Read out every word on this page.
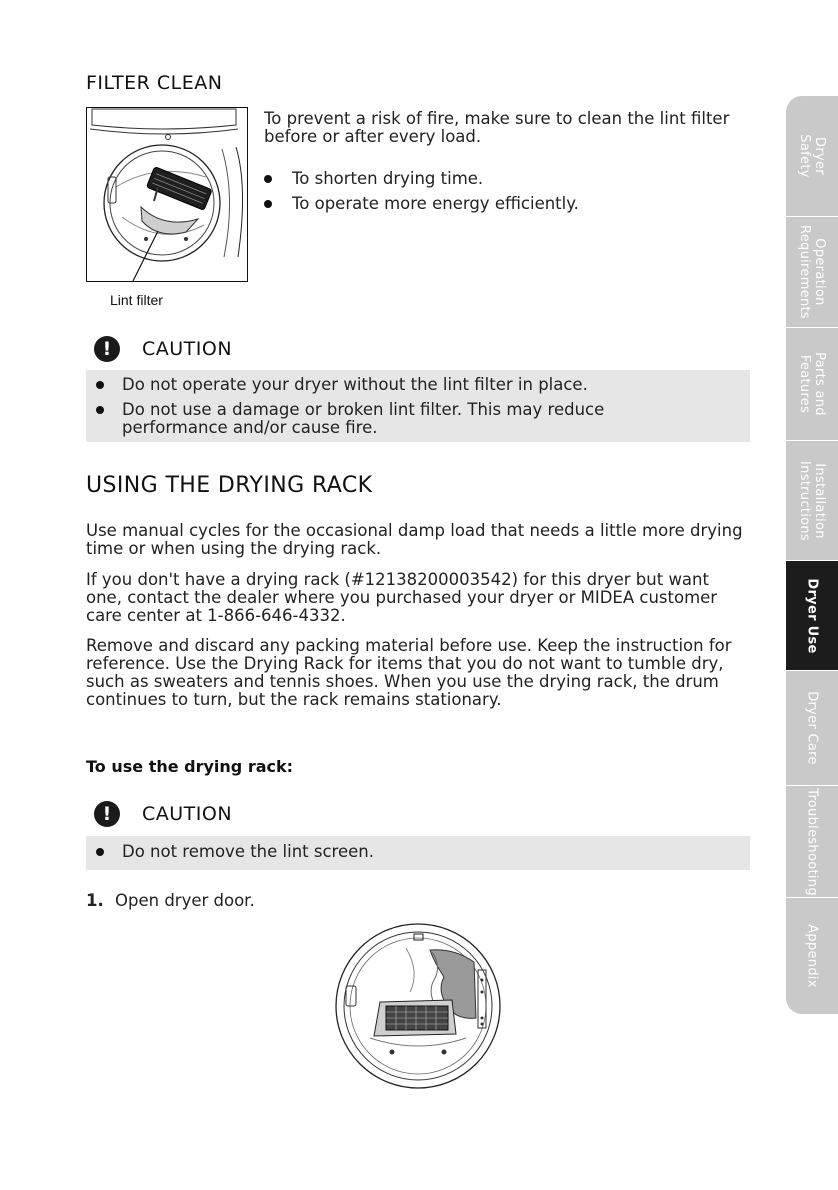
FILTER CLEAN
Lint filter
To prevent a risk of fire, make sure to clean the lint filter before or after every load.
To shorten drying time.
To operate more energy efficiently.
!	CAUTION
Do not operate your dryer without the lint filter in place.
Do not use a damage or broken lint filter. This may reduce performance and/or cause fire.
USING THE DRYING RACK

Use manual cycles for the occasional damp load that needs a little more drying time or when using the drying rack.

If you don't have a drying rack (#12138200003542) for this dryer but want one, contact the dealer where you purchased your dryer or MIDEA customer care center at 1-866-646-4332.

Remove and discard any packing material before use. Keep the instruction for reference. Use the Drying Rack for items that you do not want to tumble dry, such as sweaters and tennis shoes. When you use the drying rack, the drum continues to turn, but the rack remains stationary.

To use the drying rack:
!	CAUTION
Do not remove the lint screen.
1. Open dryer door.
Dryer
Safety
Operation
Requirements
Parts and
Features
Installation
Instructions
Dryer Use
Dryer Care
Troubleshooting
Appendix
